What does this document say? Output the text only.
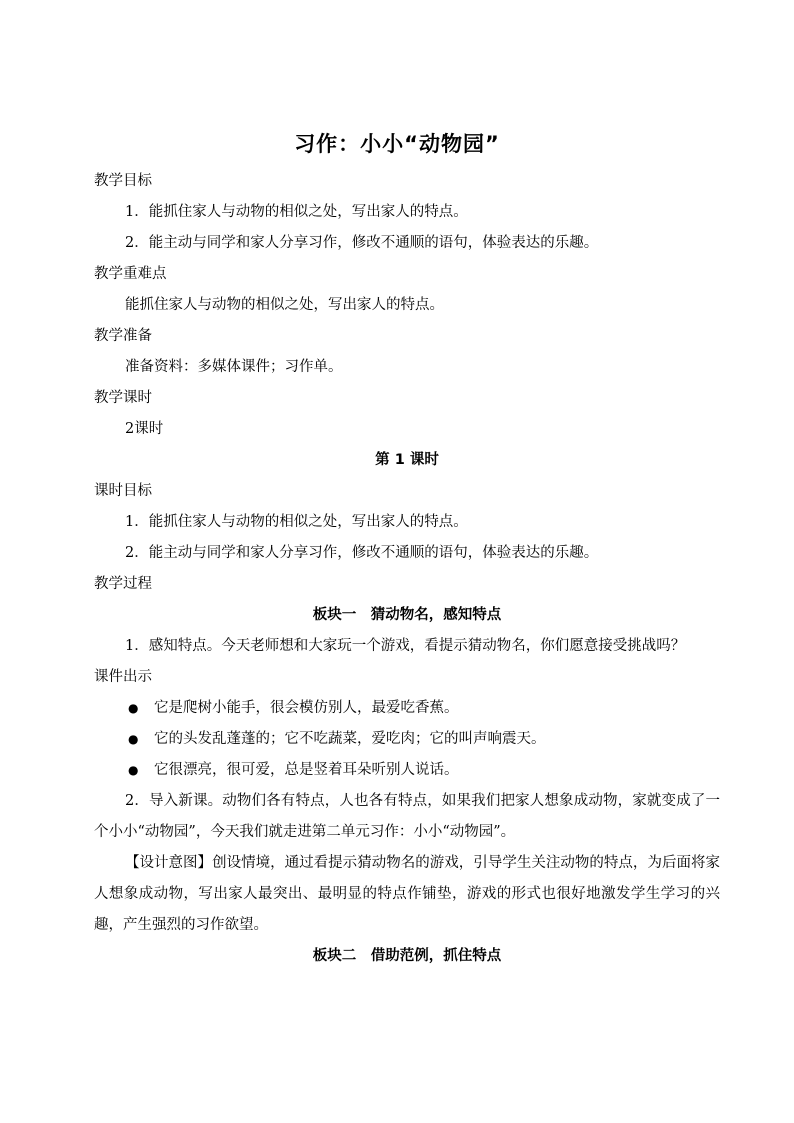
习作：小小“动物园”
教学目标
1．能抓住家人与动物的相似之处，写出家人的特点。
2．能主动与同学和家人分享习作，修改不通顺的语句，体验表达的乐趣。
教学重难点
能抓住家人与动物的相似之处，写出家人的特点。
教学准备
准备资料：多媒体课件；习作单。
教学课时
2课时
第 1 课时
课时目标
1．能抓住家人与动物的相似之处，写出家人的特点。
2．能主动与同学和家人分享习作，修改不通顺的语句，体验表达的乐趣。
教学过程
板块一　猜动物名，感知特点
1．感知特点。今天老师想和大家玩一个游戏，看提示猜动物名，你们愿意接受挑战吗？
课件出示
● 它是爬树小能手，很会模仿别人，最爱吃香蕉。
● 它的头发乱蓬蓬的；它不吃蔬菜，爱吃肉；它的叫声响震天。
● 它很漂亮，很可爱，总是竖着耳朵听别人说话。
2．导入新课。动物们各有特点，人也各有特点，如果我们把家人想象成动物，家就变成了一个小小“动物园”，今天我们就走进第二单元习作：小小“动物园”。
【设计意图】创设情境，通过看提示猜动物名的游戏，引导学生关注动物的特点，为后面将家人想象成动物，写出家人最突出、最明显的特点作铺垫，游戏的形式也很好地激发学生学习的兴趣，产生强烈的习作欲望。
板块二　借助范例，抓住特点
